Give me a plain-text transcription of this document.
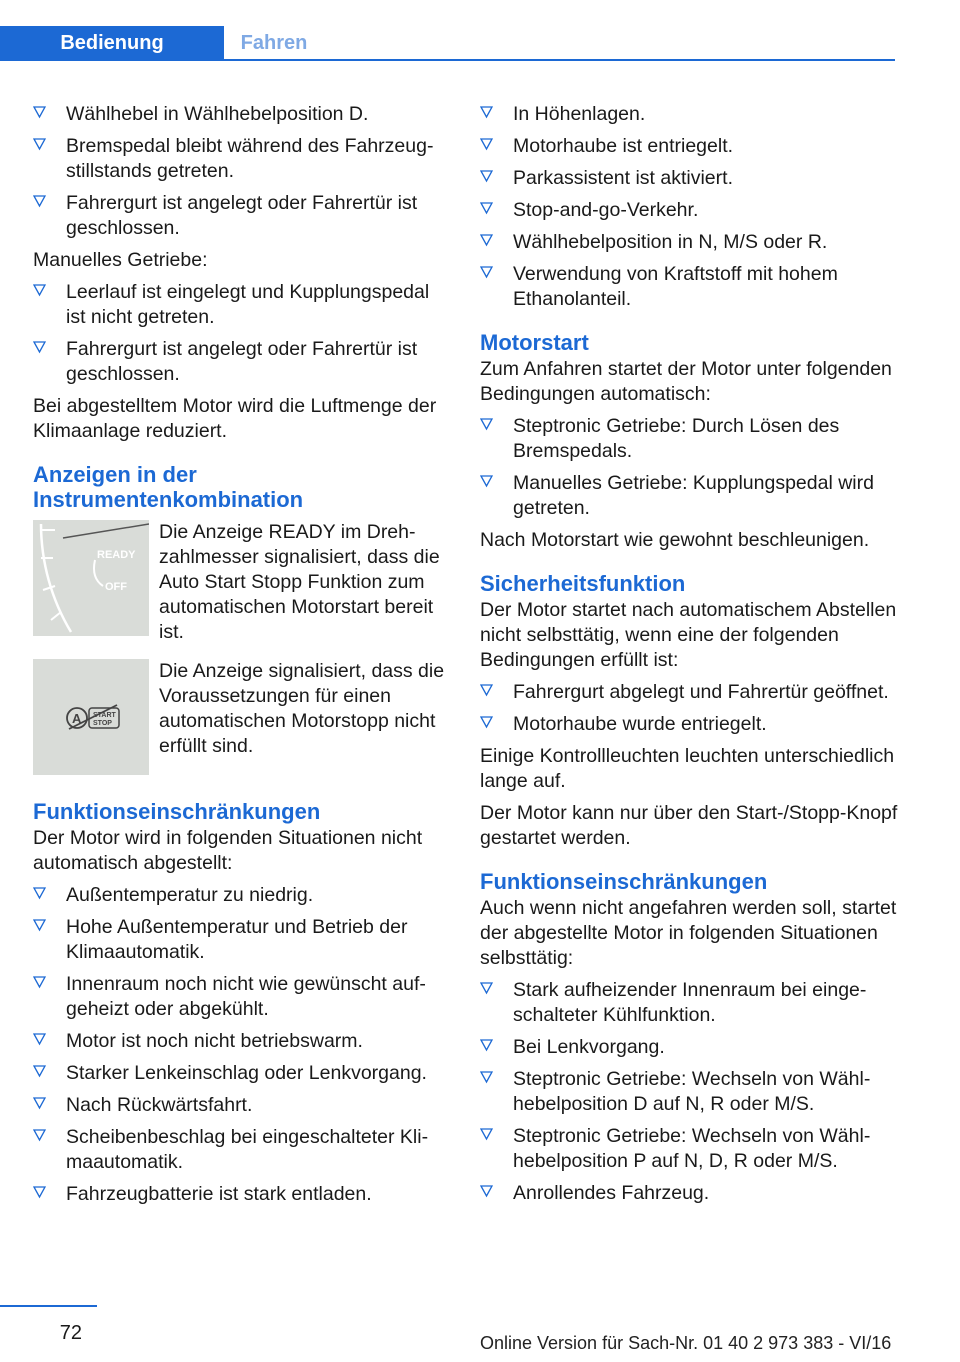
Bedienung	Fahren
Wählhebel in Wählhebelposition D.
Bremspedal bleibt während des Fahrzeugstillstands getreten.
Fahrergurt ist angelegt oder Fahrertür ist geschlossen.

Manuelles Getriebe:

Leerlauf ist eingelegt und Kupplungspedal ist nicht getreten.
Fahrergurt ist angelegt oder Fahrertür ist geschlossen.

Bei abgestelltem Motor wird die Luftmenge der Klimaanlage reduziert.

Anzeigen in der Instrumentenkombination
READY
OFF
Die Anzeige READY im Drehzahlmesser signalisiert, dass die Auto Start Stopp Funktion zum automatischen Motorstart bereit ist.
A START
STOP
Die Anzeige signalisiert, dass die Voraussetzungen für einen automatischen Motorstopp nicht erfüllt sind.
Funktionseinschränkungen

Der Motor wird in folgenden Situationen nicht automatisch abgestellt:

Außentemperatur zu niedrig.
Hohe Außentemperatur und Betrieb der Klimaautomatik.
Innenraum noch nicht wie gewünscht aufgeheizt oder abgekühlt.
Motor ist noch nicht betriebswarm.
Starker Lenkeinschlag oder Lenkvorgang.
Nach Rückwärtsfahrt.
Scheibenbeschlag bei eingeschalteter Klimaautomatik.
Fahrzeugbatterie ist stark entladen.
In Höhenlagen.
Motorhaube ist entriegelt.
Parkassistent ist aktiviert.
Stop-and-go-Verkehr.
Wählhebelposition in N, M/S oder R.
Verwendung von Kraftstoff mit hohem Ethanolanteil.
Motorstart

Zum Anfahren startet der Motor unter folgenden Bedingungen automatisch:

Steptronic Getriebe: Durch Lösen des Bremspedals.
Manuelles Getriebe: Kupplungspedal wird getreten.

Nach Motorstart wie gewohnt beschleunigen.

Sicherheitsfunktion

Der Motor startet nach automatischem Abstellen nicht selbsttätig, wenn eine der folgenden Bedingungen erfüllt ist:

Fahrergurt abgelegt und Fahrertür geöffnet.
Motorhaube wurde entriegelt.

Einige Kontrollleuchten leuchten unterschiedlich lange auf.

Der Motor kann nur über den Start-/Stopp-Knopf gestartet werden.

Funktionseinschränkungen

Auch wenn nicht angefahren werden soll, startet der abgestellte Motor in folgenden Situationen selbsttätig:

Stark aufheizender Innenraum bei eingeschalteter Kühlfunktion.
Bei Lenkvorgang.
Steptronic Getriebe: Wechseln von Wählhebelposition D auf N, R oder M/S.
Steptronic Getriebe: Wechseln von Wählhebelposition P auf N, D, R oder M/S.
Anrollendes Fahrzeug.
72	Online Version für Sach-Nr. 01 40 2 973 383 - VI/16
